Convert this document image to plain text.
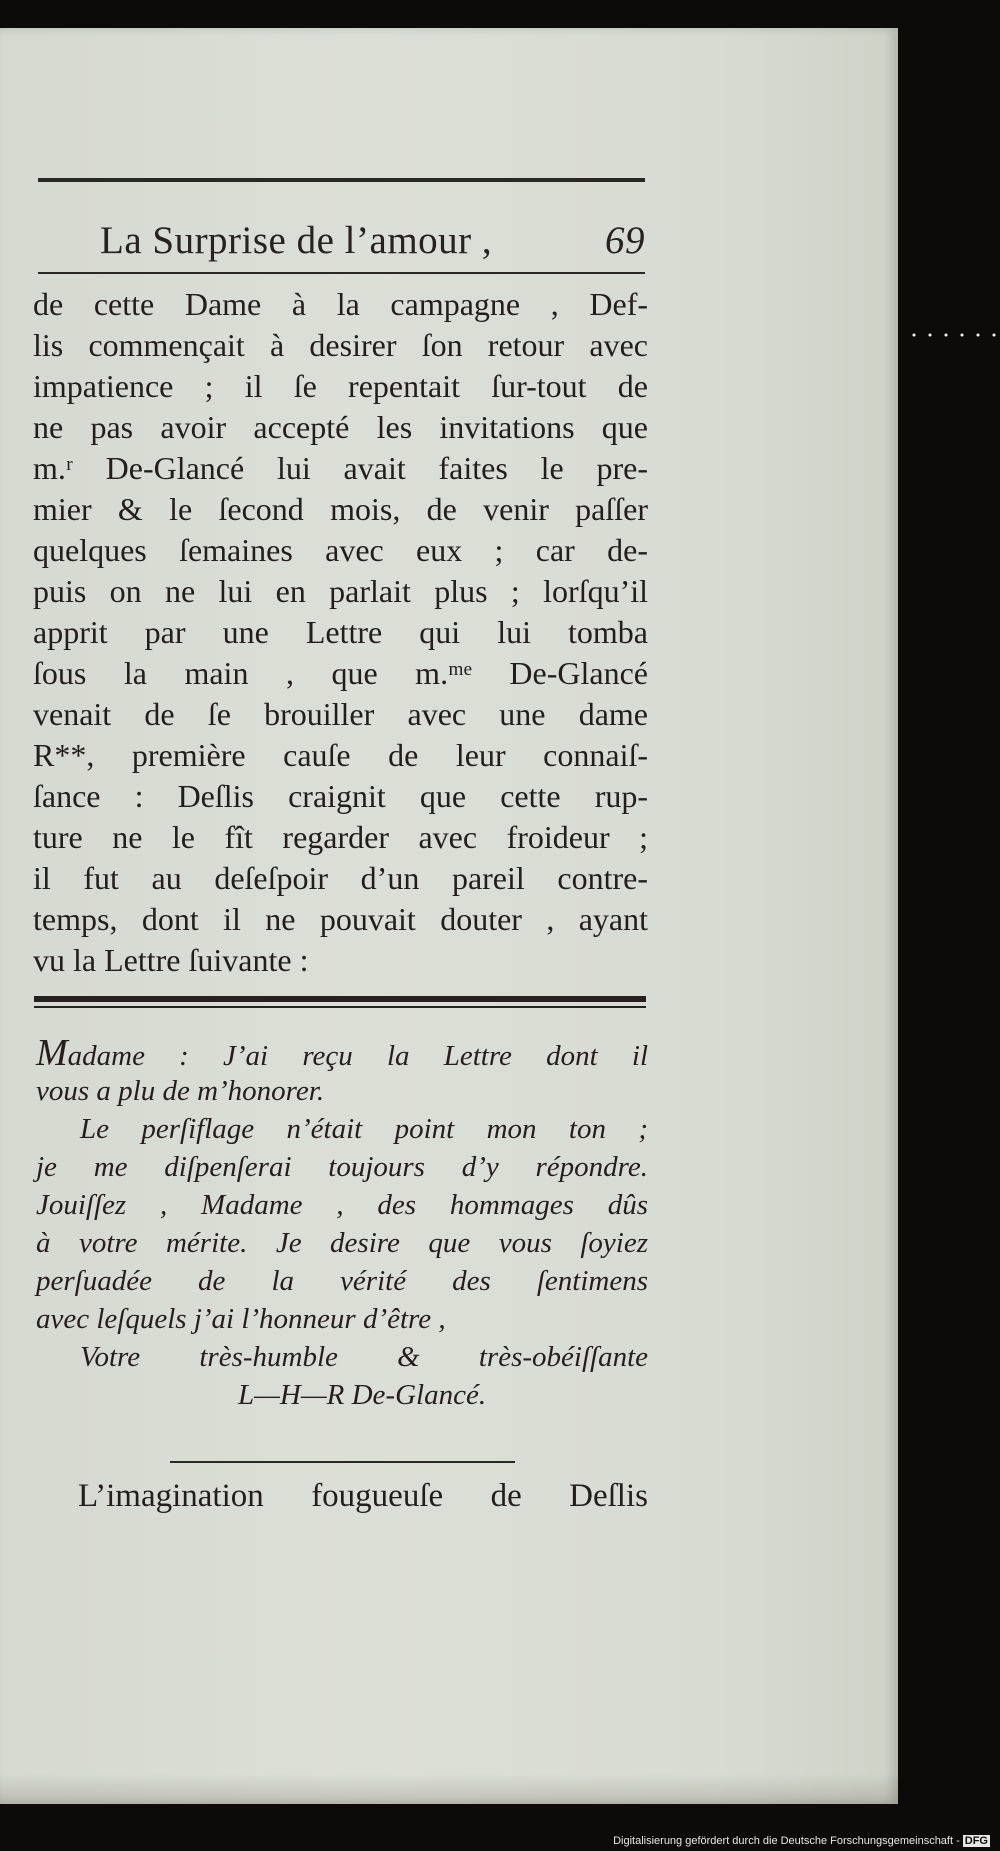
La Surprise de l’amour ,	69
de cette Dame à la campagne , Def-
lis commençait à desirer ſon retour avec
impatience ; il ſe repentait ſur-tout de
ne pas avoir accepté les invitations que
m.ʳ De-Glancé lui avait faites le pre-
mier & le ſecond mois, de venir paſſer
quelques ſemaines avec eux ; car de-
puis on ne lui en parlait plus ; lorſqu’il
apprit par une Lettre qui lui tomba
ſous la main , que m.ᵐᵉ De-Glancé
venait de ſe brouiller avec une dame
R**, première cauſe de leur connaiſ-
ſance : Deſlis craignit que cette rup-
ture ne le fît regarder avec froideur ;
il fut au deſeſpoir d’un pareil contre-
temps, dont il ne pouvait douter , ayant
vu la Lettre ſuivante :
Madame : J’ai reçu la Lettre dont il
vous a plu de m’honorer.
Le perſiflage n’était point mon ton ;
je me diſpenſerai toujours d’y répondre.
Jouiſſez , Madame , des hommages dûs
à votre mérite. Je desire que vous ſoyiez
perſuadée de la vérité des ſentimens
avec leſquels j’ai l’honneur d’être ,
Votre très-humble & très-obéiſſante
L—H—R De-Glancé.
L’imagination fougueuſe de Deſlis
Digitalisierung gefördert durch die Deutsche Forschungsgemeinschaft - DFG
